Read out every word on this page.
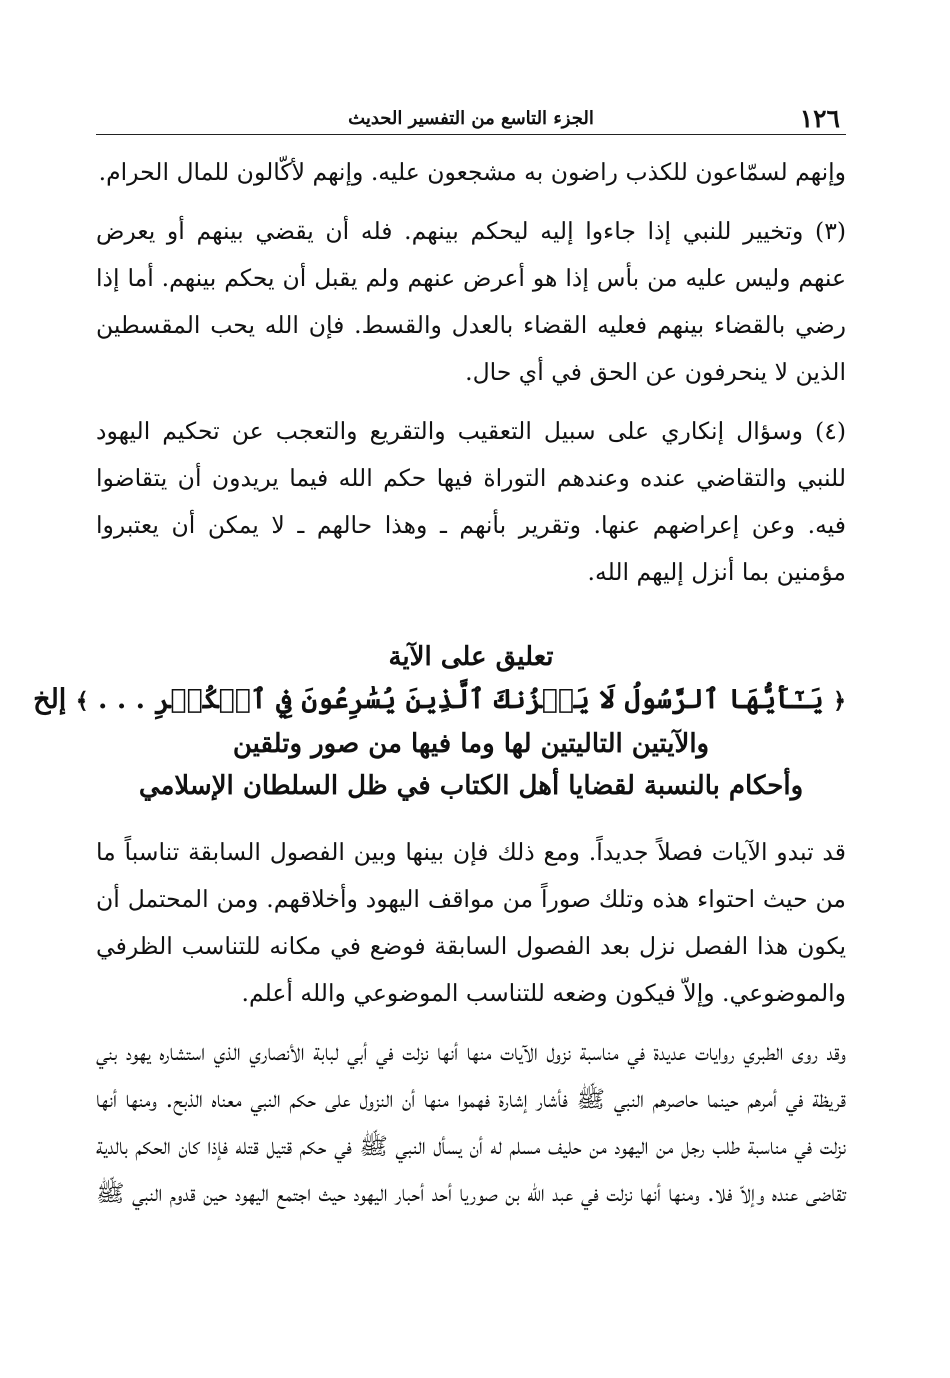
١٢٦
الجزء التاسع من التفسير الحديث

وإنهم لسمّاعون للكذب راضون به مشجعون عليه. وإنهم لأكّالون للمال الحرام.

(٣) وتخيير للنبي إذا جاءوا إليه ليحكم بينهم. فله أن يقضي بينهم أو يعرض عنهم وليس عليه من بأس إذا هو أعرض عنهم ولم يقبل أن يحكم بينهم. أما إذا رضي بالقضاء بينهم فعليه القضاء بالعدل والقسط. فإن الله يحب المقسطين الذين لا ينحرفون عن الحق في أي حال.

(٤) وسؤال إنكاري على سبيل التعقيب والتقريع والتعجب عن تحكيم اليهود للنبي والتقاضي عنده وعندهم التوراة فيها حكم الله فيما يريدون أن يتقاضوا فيه. وعن إعراضهم عنها. وتقرير بأنهم ـ وهذا حالهم ـ لا يمكن أن يعتبروا مؤمنين بما أنزل إليهم الله.

تعليق على الآية
﴿ يَـٰٓأَيُّهَا ٱلرَّسُولُ لَا يَحۡزُنكَ ٱلَّذِينَ يُسَٰرِعُونَ فِي ٱلۡكُفۡرِ . . . ﴾ إلخ
والآيتين التاليتين لها وما فيها من صور وتلقين
وأحكام بالنسبة لقضايا أهل الكتاب في ظل السلطان الإسلامي

قد تبدو الآيات فصلاً جديداً. ومع ذلك فإن بينها وبين الفصول السابقة تناسباً ما من حيث احتواء هذه وتلك صوراً من مواقف اليهود وأخلاقهم. ومن المحتمل أن يكون هذا الفصل نزل بعد الفصول السابقة فوضع في مكانه للتناسب الظرفي والموضوعي. وإلاّ فيكون وضعه للتناسب الموضوعي والله أعلم.

وقد روى الطبري روايات عديدة في مناسبة نزول الآيات منها أنها نزلت في أبي لبابة الأنصاري الذي استشاره يهود بني قريظة في أمرهم حينما حاصرهم النبي ﷺ فأشار إشارة فهموا منها أن النزول على حكم النبي معناه الذبح. ومنها أنها نزلت في مناسبة طلب رجل من اليهود من حليف مسلم له أن يسأل النبي ﷺ في حكم قتيل قتله فإذا كان الحكم بالدية تقاضى عنده وإلاّ فلا. ومنها أنها نزلت في عبد الله بن صوريا أحد أحبار اليهود حيث اجتمع اليهود حين قدوم النبي ﷺ
